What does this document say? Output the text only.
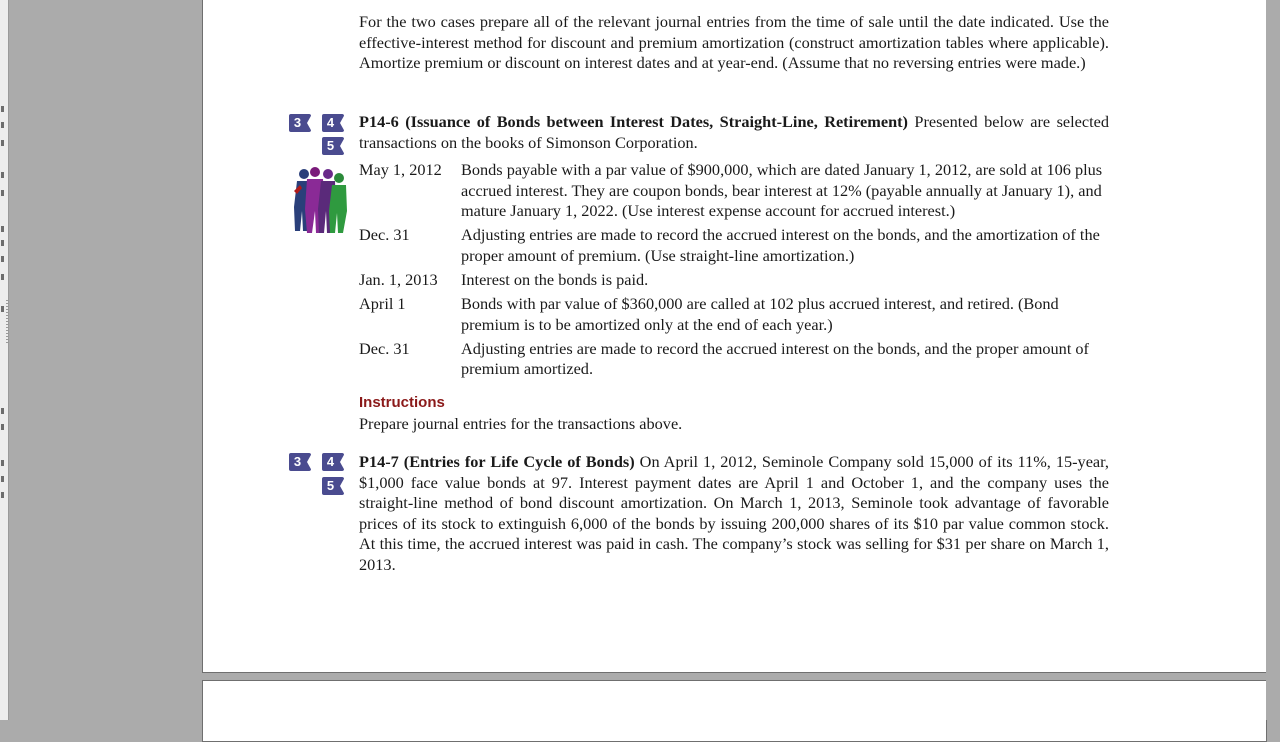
For the two cases prepare all of the relevant journal entries from the time of sale until the date indicated. Use the effective-interest method for discount and premium amortization (construct amortization tables where applicable). Amortize premium or discount on interest dates and at year-end. (Assume that no reversing entries were made.)
3	4
5
P14-6 (Issuance of Bonds between Interest Dates, Straight-Line, Retirement) Presented below are selected transactions on the books of Simonson Corporation.
May 1, 2012	Bonds payable with a par value of $900,000, which are dated January 1, 2012, are sold at 106 plus accrued interest. They are coupon bonds, bear interest at 12% (payable annually at January 1), and mature January 1, 2022. (Use interest expense account for accrued interest.)
Dec. 31	Adjusting entries are made to record the accrued interest on the bonds, and the amortization of the proper amount of premium. (Use straight-line amortization.)
Jan. 1, 2013	Interest on the bonds is paid.
April 1	Bonds with par value of $360,000 are called at 102 plus accrued interest, and retired. (Bond premium is to be amortized only at the end of each year.)
Dec. 31	Adjusting entries are made to record the accrued interest on the bonds, and the proper amount of premium amortized.
Instructions
Prepare journal entries for the transactions above.
3	4
5
P14-7 (Entries for Life Cycle of Bonds) On April 1, 2012, Seminole Company sold 15,000 of its 11%, 15-year, $1,000 face value bonds at 97. Interest payment dates are April 1 and October 1, and the company uses the straight-line method of bond discount amortization. On March 1, 2013, Seminole took advantage of favorable prices of its stock to extinguish 6,000 of the bonds by issuing 200,000 shares of its $10 par value common stock. At this time, the accrued interest was paid in cash. The company’s stock was selling for $31 per share on March 1, 2013.
